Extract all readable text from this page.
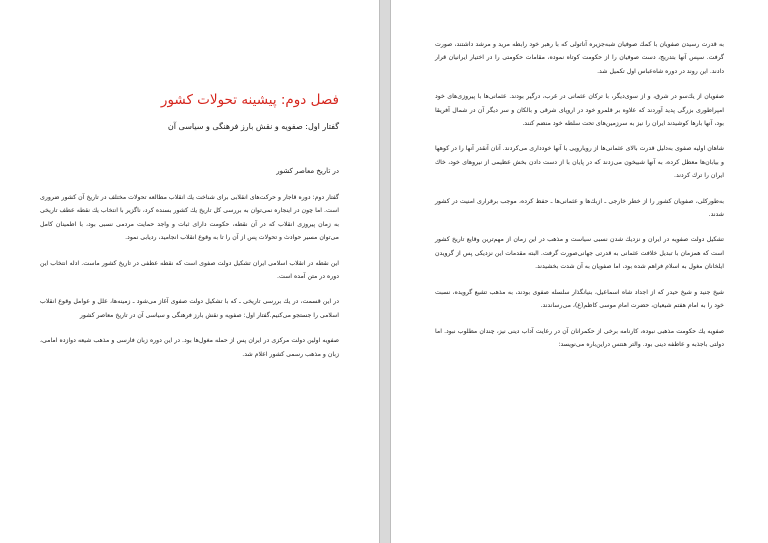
فصل دوم: پیشینه تحولات کشور
گفتار اول: صفویه و نقش بارز فرهنگی و سیاسی آن
در تاریخ معاصر کشور

گفتار دوم: دوره قاجار و حرکت‌های انقلابی برای شناخت یك انقلاب مطالعه تحولات مختلف در تاریخ آن کشور ضروری است. اما چون در اینجاره نمی‌توان به بررسی کل تاریخ یك کشور بسنده کرد، ناگزیر با انتخاب یك نقطه عطف تاریخی به زمان پیروزی انقلاب که در آن نقطه، حکومت دارای ثبات و واجد حمایت مردمی نسبی بود، با اطمینان کامل می‌توان مسیر حوادث و تحولات پس از آن را تا به وقوع انقلاب انجامید، ردیابی نمود.

این نقطه در انقلاب اسلامی ایران تشکیل دولت صفوی است که نقطه عطفی در تاریخ کشور ماست. ادله انتخاب این دوره در متن آمده است.

در این قسمت، در یك بررسی تاریخی ـ که با تشکیل دولت صفوی آغاز می‌شود ـ زمینه‌ها، علل و عوامل وقوع انقلاب اسلامی را جستجو می‌کنیم.گفتار اول: صفویه و نقش بارز فرهنگی و سیاسی آن در تاریخ معاصر کشور

صفویه اولین دولت مرکزی در ایران پس از حمله مغول‌ها بود. در این دوره زبان فارسی و مذهب شیعه دوازده امامی، زبان و مذهب رسمی کشور اعلام شد.

به قدرت رسیدن صفویان با کمك صوفیان شبه‌جزیره آناتولی که با رهبر خود رابطه مرید و مرشد داشتند، صورت گرفت. سپس آنها بتدریج، دست صوفیان را از حکومت کوتاه نموده، مقامات حکومتی را در اختیار ایرانیان قرار دادند. این روند در دوره شاه‌عباس اول تکمیل شد.

صفویان از یك‌سو در شرق، و از سوی‌دیگر، با ترکان عثمانی در غرب، درگیر بودند. عثمانی‌ها با پیروزی‌های خود امپراطوری بزرگی پدید آوردند که علاوه بر قلمرو خود در اروپای شرقی و بالکان و سر دیگر آن در شمال آفریقا بود، آنها بارها کوشیدند ایران را نیز به سرزمین‌های تحت سلطه خود منضم کنند.

شاهان اولیه صفوی به‌دلیل قدرت بالای عثمانی‌ها از رویارویی با آنها خودداری می‌کردند. آنان آنقدر آنها را در کوهها و بیابان‌ها معطل کرده، به آنها شبیخون می‌زدند که در پایان با از دست دادن بخش عظیمی از نیروهای خود، خاك ایران را ترك کردند.

به‌طورکلی، صفویان کشور را از خطر خارجی ـ ازبك‌ها و عثمانی‌ها ـ حفظ کرده، موجب برقراری امنیت در کشور شدند.

تشکیل دولت صفویه در ایران و نزدیك شدن نسبی سیاست و مذهب در این زمان از مهم‌ترین وقایع تاریخ کشور است که همزمان با تبدیل خلافت عثمانی به قدرتی جهانی‌صورت گرفت. البته مقدمات این نزدیکی پس از گرویدن ایلخانان مغول به اسلام فراهم شده بود، اما صفویان به آن شدت بخشیدند.

شیخ جنید و شیخ حیدر که از اجداد شاه اسماعیل، بنیانگذار سلسله صفوی بودند، به مذهب تشیع گرویده، نسبت خود را به امام هفتم شیعیان، حضرت امام موسی کاظم(ع)، می‌رساندند.

صفویه یك حکومت مذهبی نبوده، کارنامه برخی از حکمرانان آن در رعایت آداب دینی نیز، چندان مطلوب نبود. اما دولتی باجذبه و عاطفه دینی بود. والتر هنتس دراین‌باره می‌نویسد:
